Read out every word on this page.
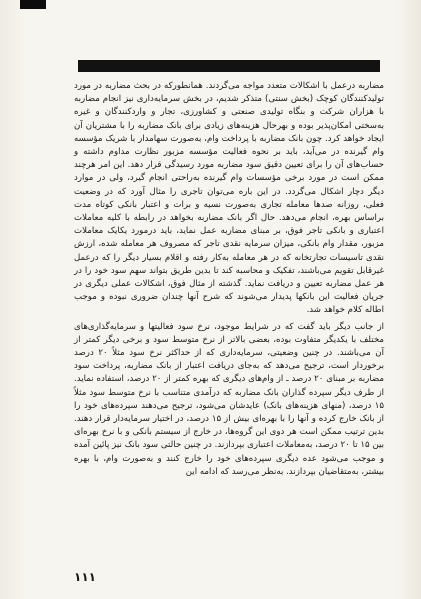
مضاربه درعمل با اشکالات متعدد مواجه می‌گردند. همانطورکه در بحث مضاربه در مورد تولیدکنندگان کوچک (بخش سنتی) متذکر شدیم، در بخش سرمایه‌داری نیز انجام مضاربه با هزاران شرکت و بنگاه تولیدی صنعتی و کشاورزی، تجار و واردکنندگان و غیره به‌سختی امکان‌پذیر بوده و بهرحال هزینه‌های زیادی برای بانک مضاربه را با مشتریان آن ایجاد خواهد کرد. چون بانک مضاربه با پرداخت وام، به‌صورت سهامدار با شریک مؤسسه وام گیرنده در می‌آید، باید بر نحوه فعالیت مؤسسه مزبور نظارت مداوم داشته و حساب‌های آن را برای تعیین دقیق سود مضاربه مورد رسیدگی قرار دهد. این امر هرچند ممکن است در مورد برخی مؤسسات وام گیرنده به‌راحتی انجام گیرد، ولی در موارد دیگر دچار اشکال می‌گردد. در این باره می‌توان تاجری را مثال آورد که در وضعیت فعلی، روزانه صدها معامله تجاری به‌صورت نسیه و برات و اعتبار بانکی کوتاه مدت براساس بهره، انجام می‌دهد. حال اگر بانک مضاربه بخواهد در رابطه با کلیه معاملات اعتباری و بانکی تاجر فوق، بر مبنای مضاربه عمل نماید، باید درمورد یکایک معاملات مزبور، مقدار وام بانکی، میزان سرمایه نقدی تاجر که مصروف هر معامله شده، ارزش نقدی تاسیسات تجارتخانه که در هر معامله به‌کار رفته و اقلام بسیار دیگر را که درعمل غیرقابل تقویم می‌باشند، تفکیک و محاسبه کند تا بدین طریق بتواند سهم سود خود را در هر عمل مضاربه تعیین و دریافت نماید. گذشته از مثال فوق، اشکالات عملی دیگری در جریان فعالیت این بانکها پدیدار می‌شوند که شرح آنها چندان ضروری نبوده و موجب اطاله کلام خواهد شد.

از جانب دیگر باید گفت که در شرایط موجود، نرخ سود فعالیتها و سرمایه‌گذاری‌های مختلف با یکدیگر متفاوت بوده، بعضی بالاتر از نرخ متوسط سود و برخی دیگر کمتر از آن می‌باشند. در چنین وضعیتی، سرمایه‌داری که از حداکثر نرخ سود مثلاً ۲۰ درصد برخوردار است، ترجیح می‌دهد که به‌جای دریافت اعتبار از بانک مضاربه، پرداخت سود مضاربه بر مبنای ۲۰ درصد ـ از وام‌های دیگری که بهره کمتر از ۲۰ درصد، استفاده نماید. از طرف دیگر سپرده گذاران بانک مضاربه که درآمدی متناسب با نرخ متوسط سود مثلاً ۱۵ درصد، (منهای هزینه‌های بانک) عایدشان می‌شود، ترجیح می‌دهند سپرده‌های خود را از بانک خارج کرده و آنها را با بهره‌ای بیش از ۱۵ درصد، در اختیار سرمایه‌دار قرار دهند. بدین ترتیب ممکن است هر دوی این گروه‌ها، در خارج از سیستم بانکی و با نرخ بهره‌ای بین ۱۵ تا ۲۰ درصد، به‌معاملات اعتباری بپردازند. در چنین حالتی سود بانک نیز پائین آمده و موجب می‌شود عده دیگری سپرده‌های خود را خارج کنند و به‌صورت وام، با بهره بیشتر، به‌متقاضیان بپردازند. به‌نظر می‌رسد که ادامه این

۱۱۱
